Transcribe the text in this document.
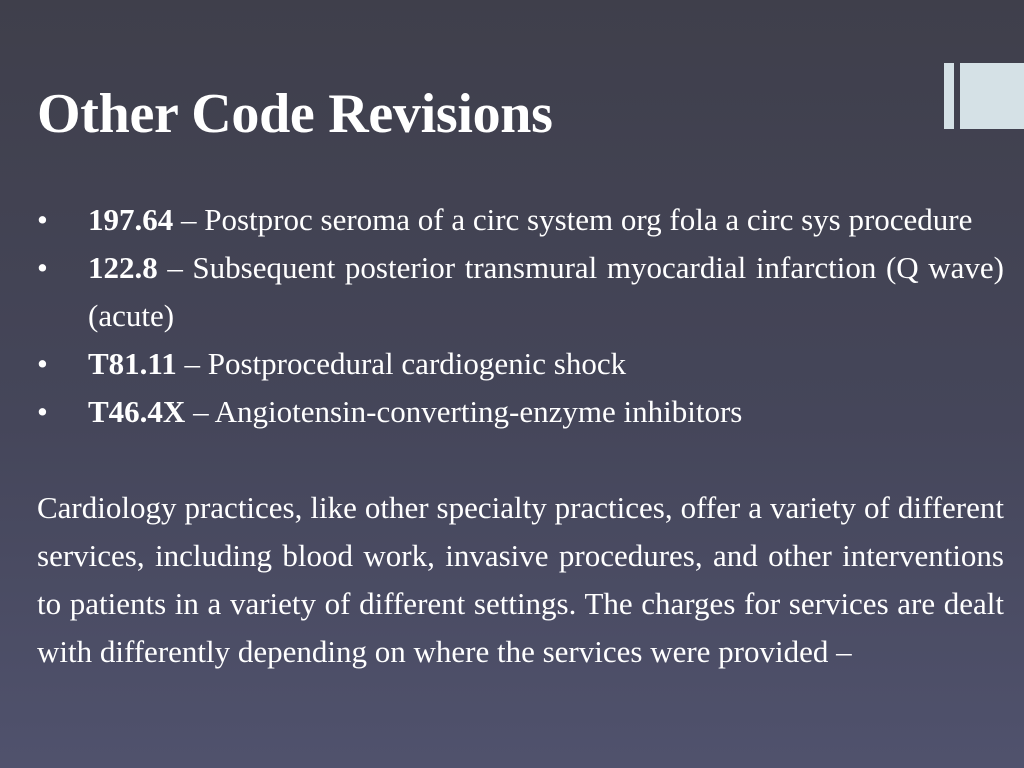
Other Code Revisions
• 197.64 – Postproc seroma of a circ system org fola a circ sys procedure
• 122.8 – Subsequent posterior transmural myocardial infarction (Q wave) (acute)
• T81.11 – Postprocedural cardiogenic shock
• T46.4X – Angiotensin-converting-enzyme inhibitors

Cardiology practices, like other specialty practices, offer a variety of different services, including blood work, invasive procedures, and other interventions to patients in a variety of different settings. The charges for services are dealt with differently depending on where the services were provided –
